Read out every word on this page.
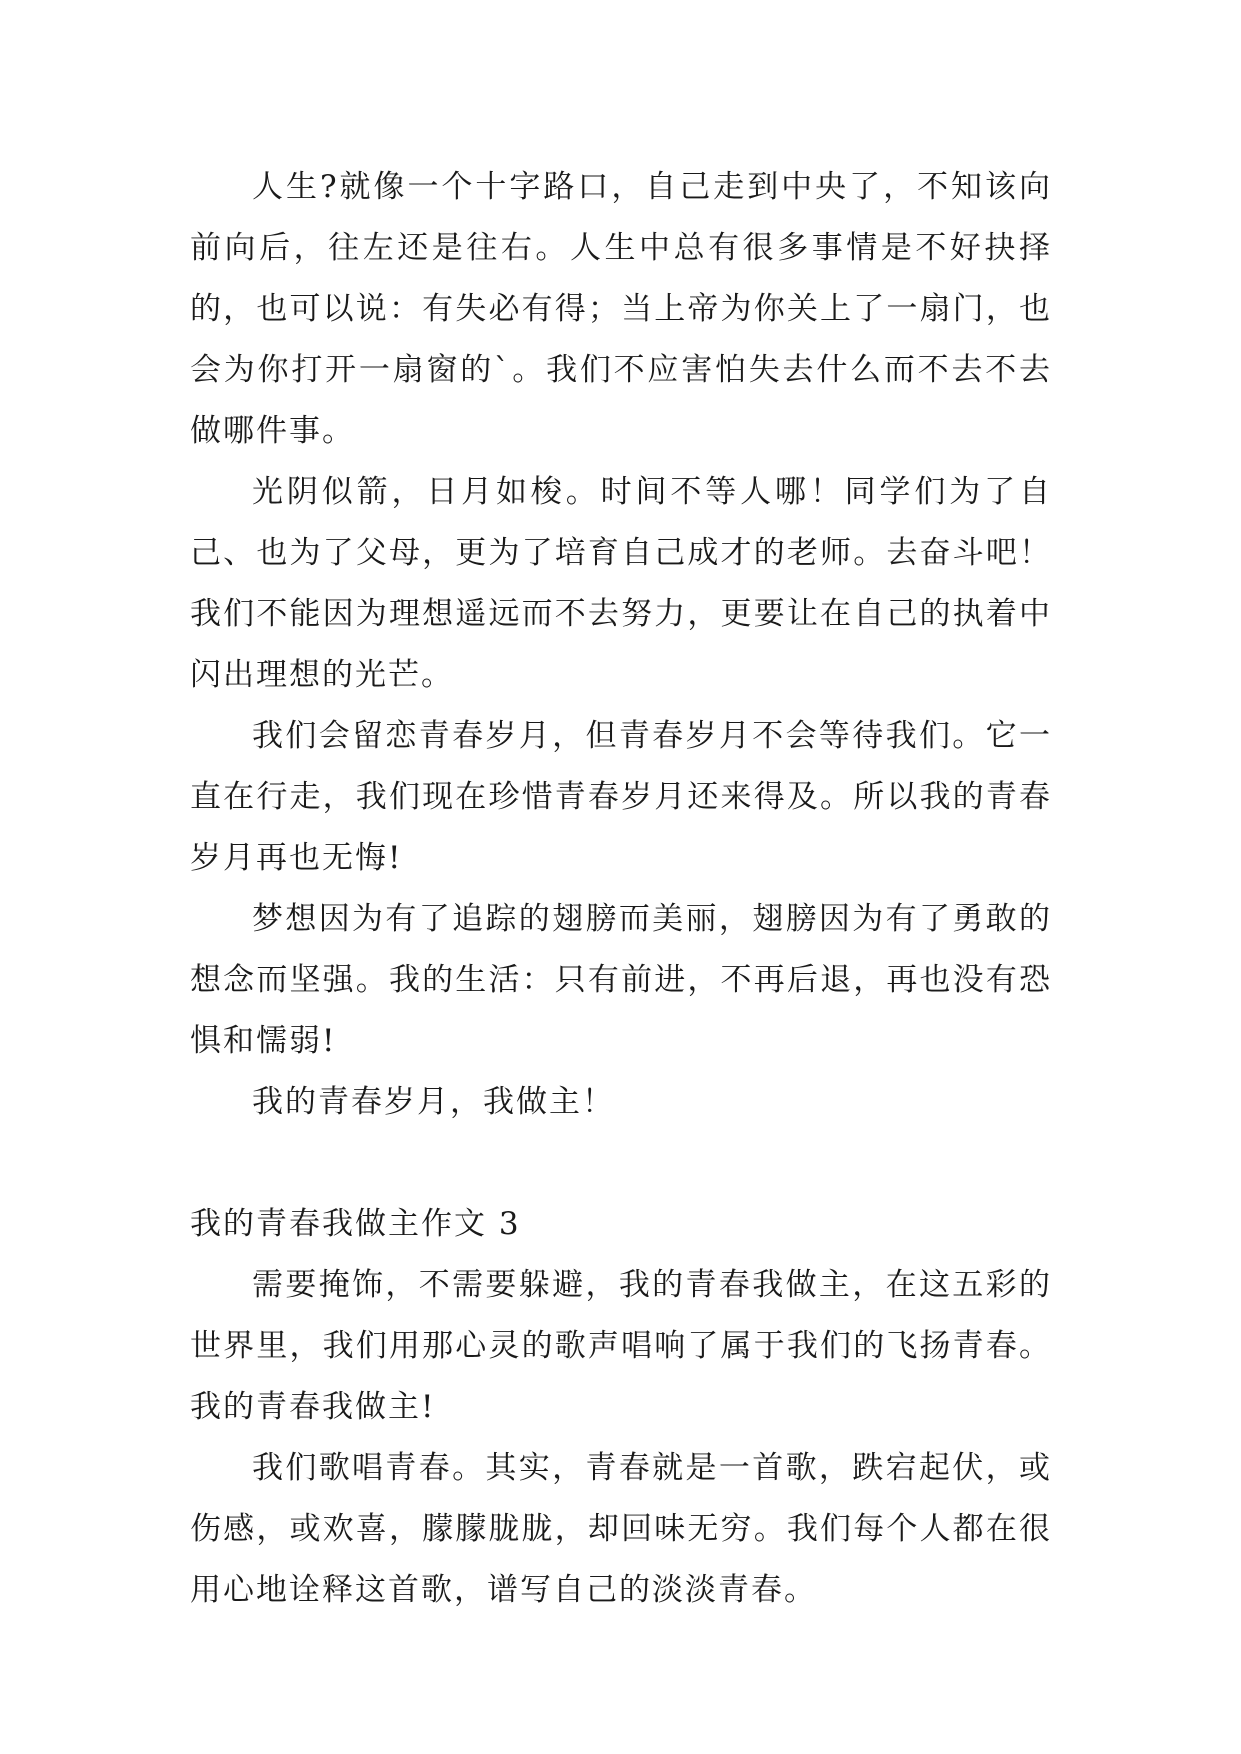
人生?就像一个十字路口，自己走到中央了，不知该向前向后，往左还是往右。人生中总有很多事情是不好抉择的，也可以说：有失必有得；当上帝为你关上了一扇门，也会为你打开一扇窗的`。我们不应害怕失去什么而不去不去做哪件事。

光阴似箭，日月如梭。时间不等人哪！同学们为了自己、也为了父母，更为了培育自己成才的老师。去奋斗吧！我们不能因为理想遥远而不去努力，更要让在自己的执着中闪出理想的光芒。

我们会留恋青春岁月，但青春岁月不会等待我们。它一直在行走，我们现在珍惜青春岁月还来得及。所以我的青春岁月再也无悔!

梦想因为有了追踪的翅膀而美丽，翅膀因为有了勇敢的想念而坚强。我的生活：只有前进，不再后退，再也没有恐惧和懦弱!

我的青春岁月，我做主！

我的青春我做主作文 3

需要掩饰，不需要躲避，我的青春我做主，在这五彩的世界里，我们用那心灵的歌声唱响了属于我们的飞扬青春。我的青春我做主!

我们歌唱青春。其实，青春就是一首歌，跌宕起伏，或伤感，或欢喜，朦朦胧胧，却回味无穷。我们每个人都在很用心地诠释这首歌，谱写自己的淡淡青春。
